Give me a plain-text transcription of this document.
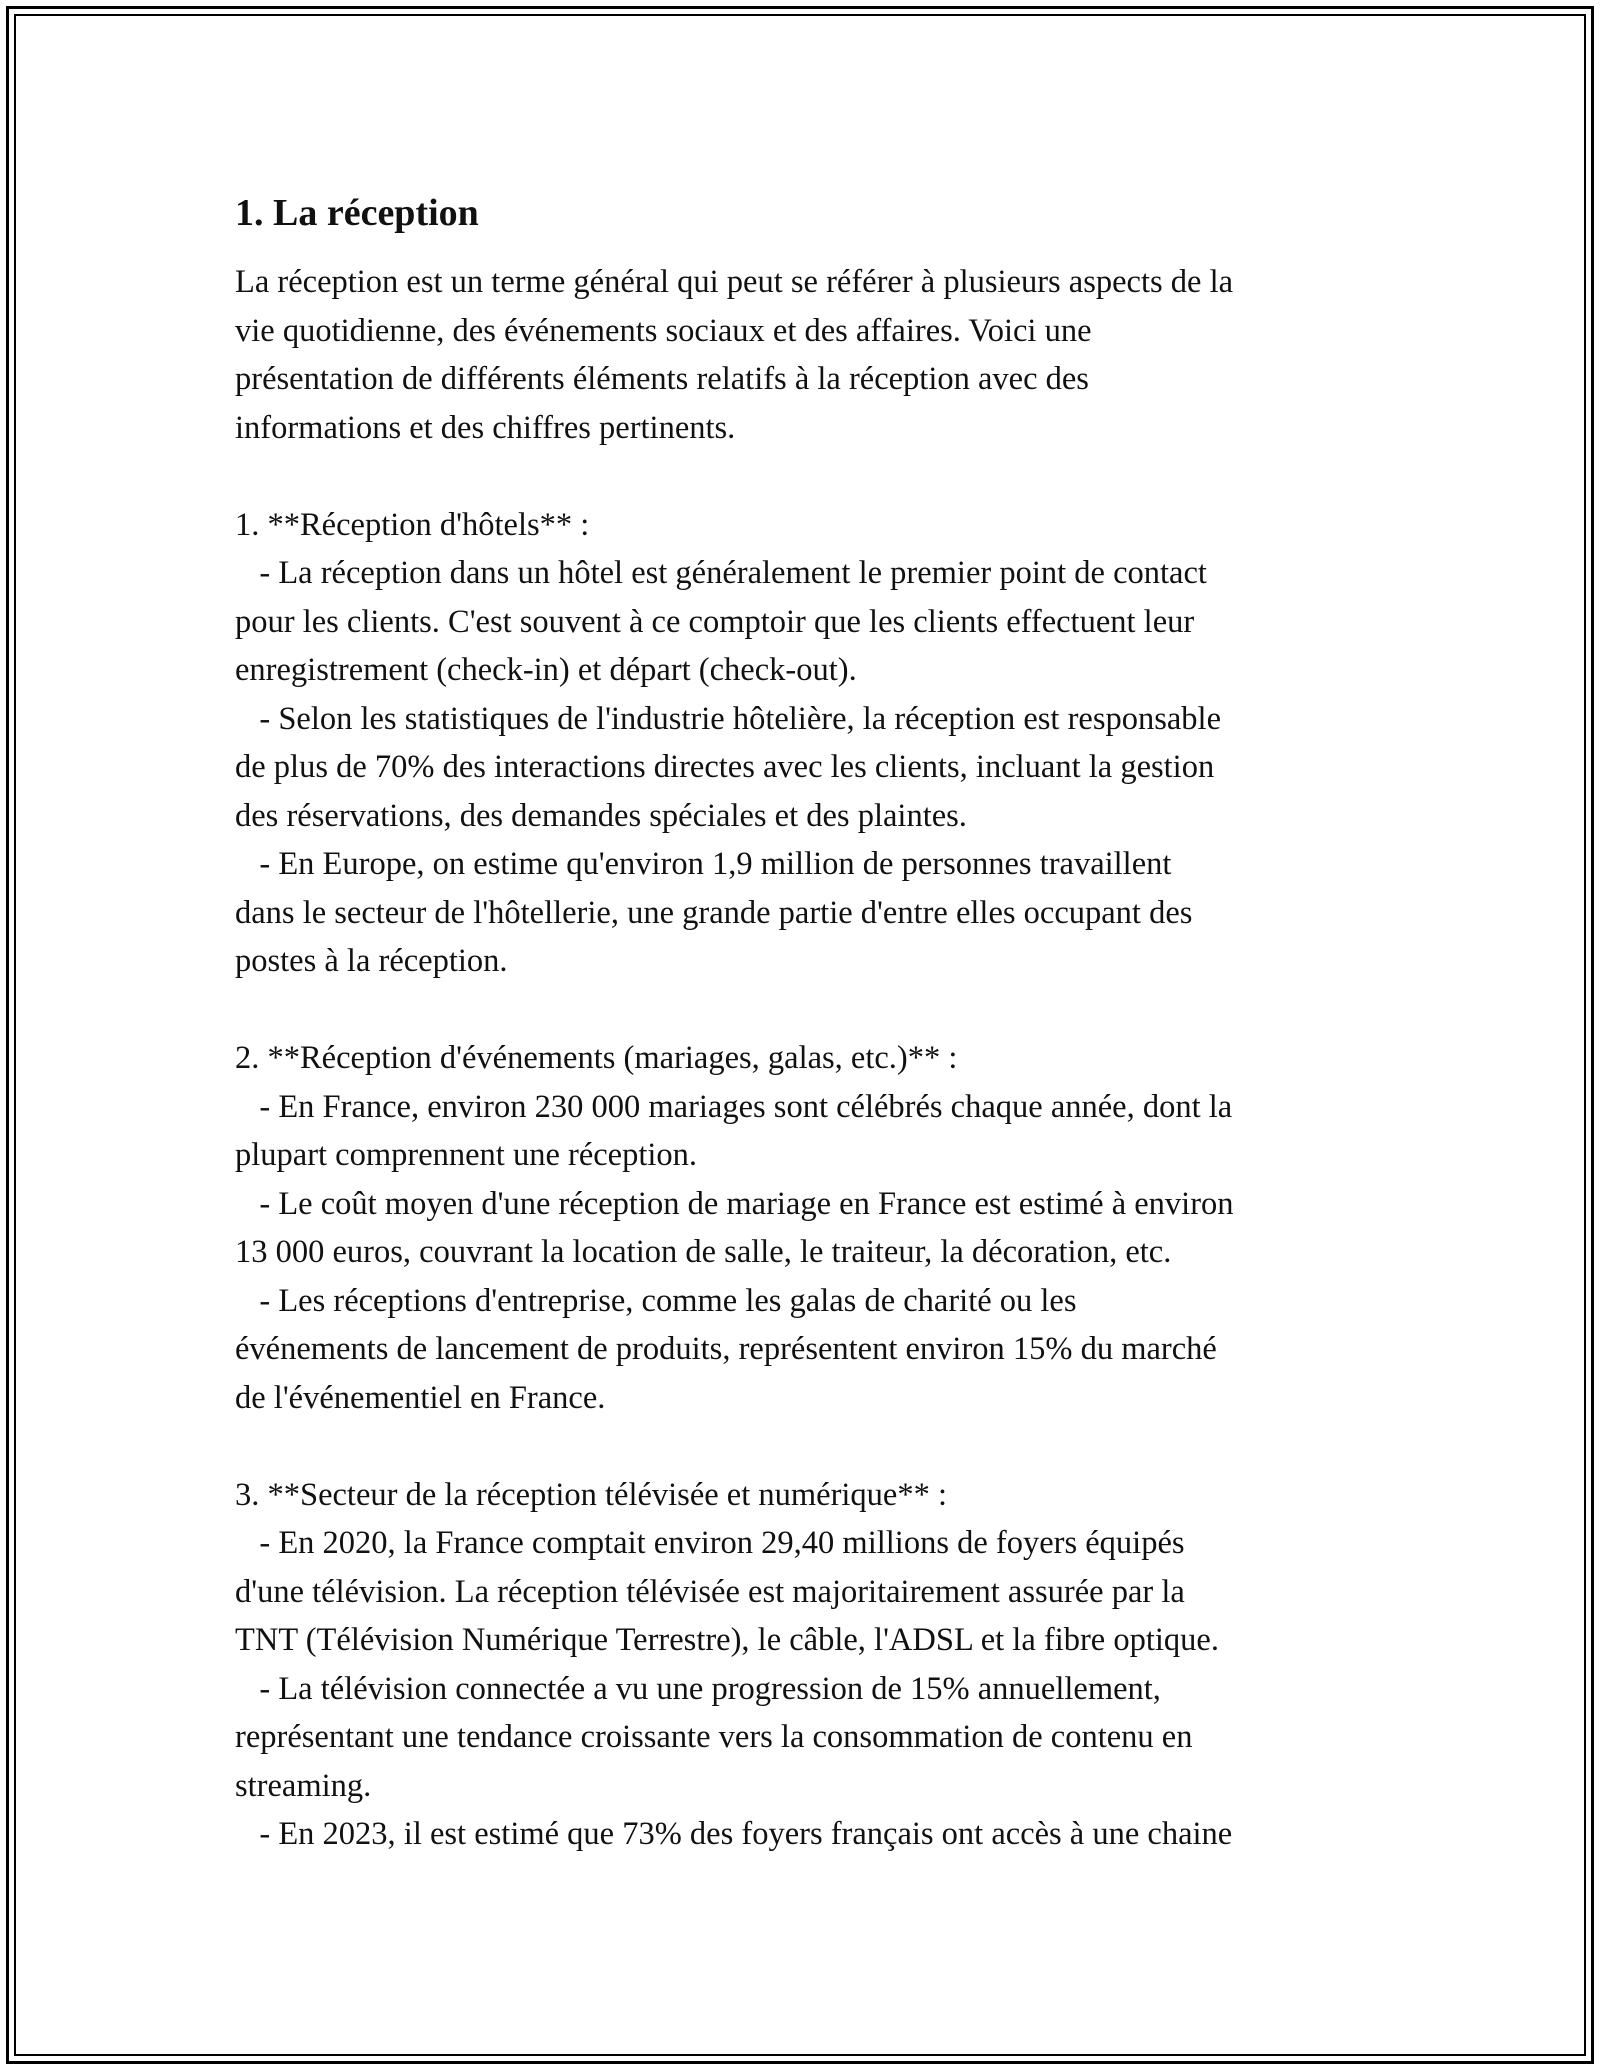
1. La réception

La réception est un terme général qui peut se référer à plusieurs aspects de la
vie quotidienne, des événements sociaux et des affaires. Voici une
présentation de différents éléments relatifs à la réception avec des
informations et des chiffres pertinents.

1. **Réception d'hôtels** :
- La réception dans un hôtel est généralement le premier point de contact
pour les clients. C'est souvent à ce comptoir que les clients effectuent leur
enregistrement (check-in) et départ (check-out).
- Selon les statistiques de l'industrie hôtelière, la réception est responsable
de plus de 70% des interactions directes avec les clients, incluant la gestion
des réservations, des demandes spéciales et des plaintes.
- En Europe, on estime qu'environ 1,9 million de personnes travaillent
dans le secteur de l'hôtellerie, une grande partie d'entre elles occupant des
postes à la réception.

2. **Réception d'événements (mariages, galas, etc.)** :
- En France, environ 230 000 mariages sont célébrés chaque année, dont la
plupart comprennent une réception.
- Le coût moyen d'une réception de mariage en France est estimé à environ
13 000 euros, couvrant la location de salle, le traiteur, la décoration, etc.
- Les réceptions d'entreprise, comme les galas de charité ou les
événements de lancement de produits, représentent environ 15% du marché
de l'événementiel en France.

3. **Secteur de la réception télévisée et numérique** :
- En 2020, la France comptait environ 29,40 millions de foyers équipés
d'une télévision. La réception télévisée est majoritairement assurée par la
TNT (Télévision Numérique Terrestre), le câble, l'ADSL et la fibre optique.
- La télévision connectée a vu une progression de 15% annuellement,
représentant une tendance croissante vers la consommation de contenu en
streaming.
- En 2023, il est estimé que 73% des foyers français ont accès à une chaine
